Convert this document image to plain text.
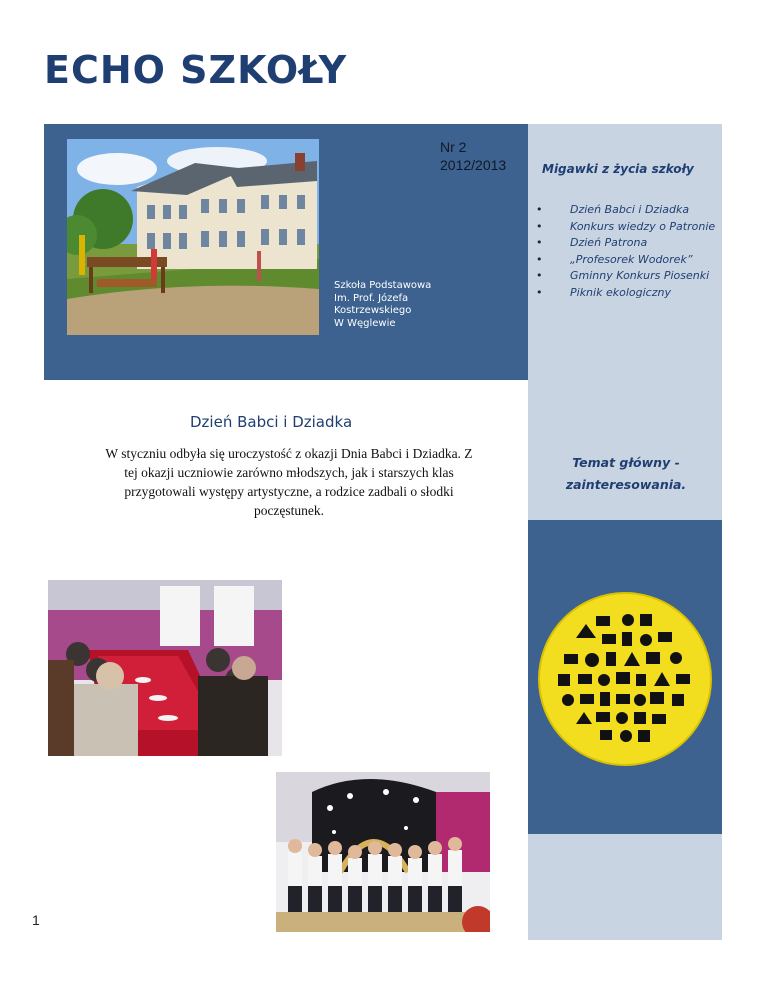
ECHO SZKOŁY
Nr 2
2012/2013
Szkoła Podstawowa
Im. Prof. Józefa
Kostrzewskiego
W Węglewie
Migawki z życia szkoły
• Dzień Babci i Dziadka
• Konkurs wiedzy o Patronie
• Dzień Patrona
• „Profesorek Wodorek”
• Gminny Konkurs Piosenki
• Piknik ekologiczny
Temat główny -
zainteresowania.
Dzień Babci i Dziadka
W styczniu odbyła się uroczystość z okazji Dnia Babci i Dziadka. Z tej okazji uczniowie zarówno młodszych, jak i starszych klas przygotowali występy artystyczne, a rodzice zadbali o słodki poczęstunek.
1
